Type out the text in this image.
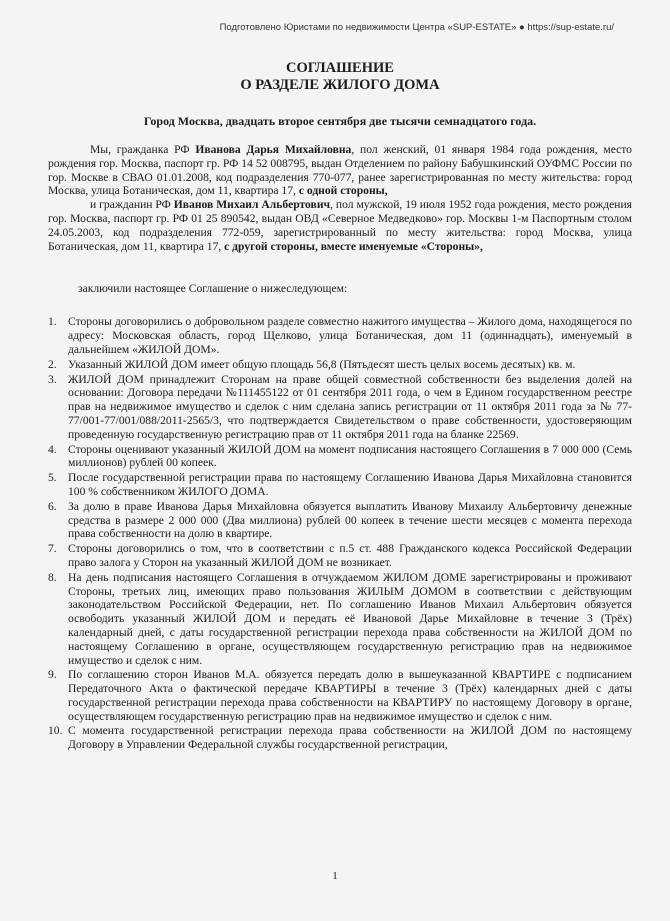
Подготовлено Юристами по недвижимости Центра «SUP-ESTATE» ● https://sup-estate.ru/
СОГЛАШЕНИЕ
О РАЗДЕЛЕ ЖИЛОГО ДОМА
Город Москва, двадцать второе сентября две тысячи семнадцатого года.
Мы, гражданка РФ Иванова Дарья Михайловна, пол женский, 01 января 1984 года рождения, место рождения гор. Москва, паспорт гр. РФ 14 52 008795, выдан Отделением по району Бабушкинский ОУФМС России по гор. Москве в СВАО 01.01.2008, код подразделения 770-077, ранее зарегистрированная по месту жительства: город Москва, улица Ботаническая, дом 11, квартира 17, с одной стороны,
и гражданин РФ Иванов Михаил Альбертович, пол мужской, 19 июля 1952 года рождения, место рождения гор. Москва, паспорт гр. РФ 01 25 890542, выдан ОВД «Северное Медведково» гор. Москвы 1-м Паспортным столом 24.05.2003, код подразделения 772-059, зарегистрированный по месту жительства: город Москва, улица Ботаническая, дом 11, квартира 17, с другой стороны, вместе именуемые «Стороны»,
заключили настоящее Соглашение о нижеследующем:
1. Стороны договорились о добровольном разделе совместно нажитого имущества – Жилого дома, находящегося по адресу: Московская область, город Щелково, улица Ботаническая, дом 11 (одиннадцать), именуемый в дальнейшем «ЖИЛОЙ ДОМ».
2. Указанный ЖИЛОЙ ДОМ имеет общую площадь 56,8 (Пятьдесят шесть целых восемь десятых) кв. м.
3. ЖИЛОЙ ДОМ принадлежит Сторонам на праве общей совместной собственности без выделения долей на основании: Договора передачи №111455122 от 01 сентября 2011 года, о чем в Едином государственном реестре прав на недвижимое имущество и сделок с ним сделана запись регистрации от 11 октября 2011 года за № 77-77/001-77/001/088/2011-2565/3, что подтверждается Свидетельством о праве собственности, удостоверяющим проведенную государственную регистрацию прав от 11 октября 2011 года на бланке 22569.
4. Стороны оценивают указанный ЖИЛОЙ ДОМ на момент подписания настоящего Соглашения в 7 000 000 (Семь миллионов) рублей 00 копеек.
5. После государственной регистрации права по настоящему Соглашению Иванова Дарья Михайловна становится 100 % собственником ЖИЛОГО ДОМА.
6. За долю в праве Иванова Дарья Михайловна обязуется выплатить Иванову Михаилу Альбертовичу денежные средства в размере 2 000 000 (Два миллиона) рублей 00 копеек в течение шести месяцев с момента перехода права собственности на долю в квартире.
7. Стороны договорились о том, что в соответствии с п.5 ст. 488 Гражданского кодекса Российской Федерации право залога у Сторон на указанный ЖИЛОЙ ДОМ не возникает.
8. На день подписания настоящего Соглашения в отчуждаемом ЖИЛОМ ДОМЕ зарегистрированы и проживают Стороны, третьих лиц, имеющих право пользования ЖИЛЫМ ДОМОМ в соответствии с действующим законодательством Российской Федерации, нет. По соглашению Иванов Михаил Альбертович обязуется освободить указанный ЖИЛОЙ ДОМ и передать её Ивановой Дарье Михайловне в течение 3 (Трёх) календарный дней, с даты государственной регистрации перехода права собственности на ЖИЛОЙ ДОМ по настоящему Соглашению в органе, осуществляющем государственную регистрацию прав на недвижимое имущество и сделок с ним.
9. По соглашению сторон Иванов М.А. обязуется передать долю в вышеуказанной КВАРТИРЕ с подписанием Передаточного Акта о фактической передаче КВАРТИРЫ в течение 3 (Трёх) календарных дней с даты государственной регистрации перехода права собственности на КВАРТИРУ по настоящему Договору в органе, осуществляющем государственную регистрацию прав на недвижимое имущество и сделок с ним.
10. С момента государственной регистрации перехода права собственности на ЖИЛОЙ ДОМ по настоящему Договору в Управлении Федеральной службы государственной регистрации,
1
